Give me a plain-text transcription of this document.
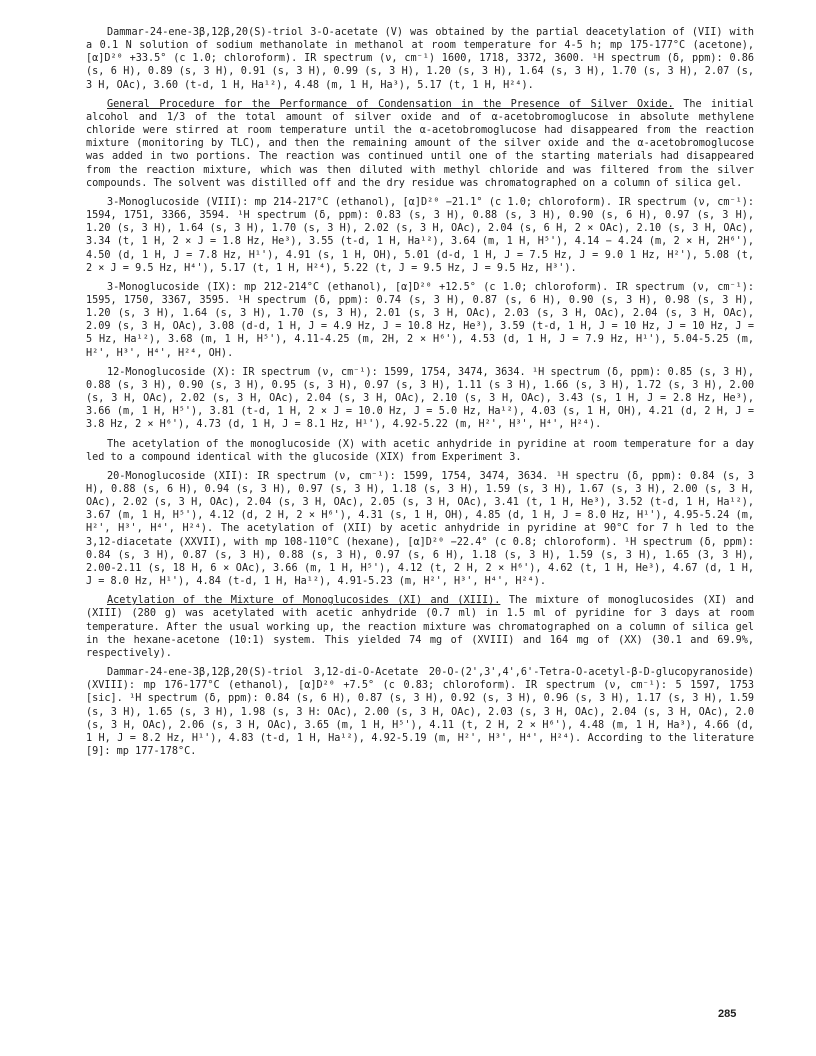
Dammar-24-ene-3β,12β,20(S)-triol 3-O-acetate (V) was obtained by the partial deacetylation of (VII) with a 0.1 N solution of sodium methanolate in methanol at room temperature for 4-5 h; mp 175-177°C (acetone), [α]D²⁰ +33.5° (c 1.0; chloroform). IR spectrum (ν, cm⁻¹) 1600, 1718, 3372, 3600. ¹H spectrum (δ, ppm): 0.86 (s, 6 H), 0.89 (s, 3 H), 0.91 (s, 3 H), 0.99 (s, 3 H), 1.20 (s, 3 H), 1.64 (s, 3 H), 1.70 (s, 3 H), 2.07 (s, 3 H, OAc), 3.60 (t-d, 1 H, Ha¹²), 4.48 (m, 1 H, Ha³), 5.17 (t, 1 H, H²⁴).

General Procedure for the Performance of Condensation in the Presence of Silver Oxide. The initial alcohol and 1/3 of the total amount of silver oxide and of α-acetobromoglucose in absolute methylene chloride were stirred at room temperature until the α-acetobromoglucose had disappeared from the reaction mixture (monitoring by TLC), and then the remaining amount of the silver oxide and the α-acetobromoglucose was added in two portions. The reaction was continued until one of the starting materials had disappeared from the reaction mixture, which was then diluted with methyl chloride and was filtered from the silver compounds. The solvent was distilled off and the dry residue was chromatographed on a column of silica gel.

3-Monoglucoside (VIII): mp 214-217°C (ethanol), [α]D²⁰ −21.1° (c 1.0; chloroform). IR spectrum (ν, cm⁻¹): 1594, 1751, 3366, 3594. ¹H spectrum (δ, ppm): 0.83 (s, 3 H), 0.88 (s, 3 H), 0.90 (s, 6 H), 0.97 (s, 3 H), 1.20 (s, 3 H), 1.64 (s, 3 H), 1.70 (s, 3 H), 2.02 (s, 3 H, OAc), 2.04 (s, 6 H, 2 × OAc), 2.10 (s, 3 H, OAc), 3.34 (t, 1 H, 2 × J = 1.8 Hz, He³), 3.55 (t-d, 1 H, Ha¹²), 3.64 (m, 1 H, H⁵'), 4.14 − 4.24 (m, 2 × H, 2H⁶'), 4.50 (d, 1 H, J = 7.8 Hz, H¹'), 4.91 (s, 1 H, OH), 5.01 (d-d, 1 H, J = 7.5 Hz, J = 9.0 1 Hz, H²'), 5.08 (t, 2 × J = 9.5 Hz, H⁴'), 5.17 (t, 1 H, H²⁴), 5.22 (t, J = 9.5 Hz, J = 9.5 Hz, H³').

3-Monoglucoside (IX): mp 212-214°C (ethanol), [α]D²⁰ +12.5° (c 1.0; chloroform). IR spectrum (ν, cm⁻¹): 1595, 1750, 3367, 3595. ¹H spectrum (δ, ppm): 0.74 (s, 3 H), 0.87 (s, 6 H), 0.90 (s, 3 H), 0.98 (s, 3 H), 1.20 (s, 3 H), 1.64 (s, 3 H), 1.70 (s, 3 H), 2.01 (s, 3 H, OAc), 2.03 (s, 3 H, OAc), 2.04 (s, 3 H, OAc), 2.09 (s, 3 H, OAc), 3.08 (d-d, 1 H, J = 4.9 Hz, J = 10.8 Hz, He³), 3.59 (t-d, 1 H, J = 10 Hz, J = 10 Hz, J = 5 Hz, Ha¹²), 3.68 (m, 1 H, H⁵'), 4.11-4.25 (m, 2H, 2 × H⁶'), 4.53 (d, 1 H, J = 7.9 Hz, H¹'), 5.04-5.25 (m, H²', H³', H⁴', H²⁴, OH).

12-Monoglucoside (X): IR spectrum (ν, cm⁻¹): 1599, 1754, 3474, 3634. ¹H spectrum (δ, ppm): 0.85 (s, 3 H), 0.88 (s, 3 H), 0.90 (s, 3 H), 0.95 (s, 3 H), 0.97 (s, 3 H), 1.11 (s 3 H), 1.66 (s, 3 H), 1.72 (s, 3 H), 2.00 (s, 3 H, OAc), 2.02 (s, 3 H, OAc), 2.04 (s, 3 H, OAc), 2.10 (s, 3 H, OAc), 3.43 (s, 1 H, J = 2.8 Hz, He³), 3.66 (m, 1 H, H⁵'), 3.81 (t-d, 1 H, 2 × J = 10.0 Hz, J = 5.0 Hz, Ha¹²), 4.03 (s, 1 H, OH), 4.21 (d, 2 H, J = 3.8 Hz, 2 × H⁶'), 4.73 (d, 1 H, J = 8.1 Hz, H¹'), 4.92-5.22 (m, H²', H³', H⁴', H²⁴).

The acetylation of the monoglucoside (X) with acetic anhydride in pyridine at room temperature for a day led to a compound identical with the glucoside (XIX) from Experiment 3.

20-Monoglucoside (XII): IR spectrum (ν, cm⁻¹): 1599, 1754, 3474, 3634. ¹H spectru (δ, ppm): 0.84 (s, 3 H), 0.88 (s, 6 H), 0.94 (s, 3 H), 0.97 (s, 3 H), 1.18 (s, 3 H), 1.59 (s, 3 H), 1.67 (s, 3 H), 2.00 (s, 3 H, OAc), 2.02 (s, 3 H, OAc), 2.04 (s, 3 H, OAc), 2.05 (s, 3 H, OAc), 3.41 (t, 1 H, He³), 3.52 (t-d, 1 H, Ha¹²), 3.67 (m, 1 H, H⁵'), 4.12 (d, 2 H, 2 × H⁶'), 4.31 (s, 1 H, OH), 4.85 (d, 1 H, J = 8.0 Hz, H¹'), 4.95-5.24 (m, H²', H³', H⁴', H²⁴). The acetylation of (XII) by acetic anhydride in pyridine at 90°C for 7 h led to the 3,12-diacetate (XXVII), with mp 108-110°C (hexane), [α]D²⁰ −22.4° (c 0.8; chloroform). ¹H spectrum (δ, ppm): 0.84 (s, 3 H), 0.87 (s, 3 H), 0.88 (s, 3 H), 0.97 (s, 6 H), 1.18 (s, 3 H), 1.59 (s, 3 H), 1.65 (3, 3 H), 2.00-2.11 (s, 18 H, 6 × OAc), 3.66 (m, 1 H, H⁵'), 4.12 (t, 2 H, 2 × H⁶'), 4.62 (t, 1 H, He³), 4.67 (d, 1 H, J = 8.0 Hz, H¹'), 4.84 (t-d, 1 H, Ha¹²), 4.91-5.23 (m, H²', H³', H⁴', H²⁴).

Acetylation of the Mixture of Monoglucosides (XI) and (XIII). The mixture of monoglucosides (XI) and (XIII) (280 g) was acetylated with acetic anhydride (0.7 ml) in 1.5 ml of pyridine for 3 days at room temperature. After the usual working up, the reaction mixture was chromatographed on a column of silica gel in the hexane-acetone (10:1) system. This yielded 74 mg of (XVIII) and 164 mg of (XX) (30.1 and 69.9%, respectively).

Dammar-24-ene-3β,12β,20(S)-triol 3,12-di-O-Acetate 20-O-(2',3',4',6'-Tetra-O-acetyl-β-D-glucopyranoside) (XVIII): mp 176-177°C (ethanol), [α]D²⁰ +7.5° (c 0.83; chloroform). IR spectrum (ν, cm⁻¹): 5 1597, 1753 [sic]. ¹H spectrum (δ, ppm): 0.84 (s, 6 H), 0.87 (s, 3 H), 0.92 (s, 3 H), 0.96 (s, 3 H), 1.17 (s, 3 H), 1.59 (s, 3 H), 1.65 (s, 3 H), 1.98 (s, 3 H: OAc), 2.00 (s, 3 H, OAc), 2.03 (s, 3 H, OAc), 2.04 (s, 3 H, OAc), 2.0 (s, 3 H, OAc), 2.06 (s, 3 H, OAc), 3.65 (m, 1 H, H⁵'), 4.11 (t, 2 H, 2 × H⁶'), 4.48 (m, 1 H, Ha³), 4.66 (d, 1 H, J = 8.2 Hz, H¹'), 4.83 (t-d, 1 H, Ha¹²), 4.92-5.19 (m, H²', H³', H⁴', H²⁴). According to the literature [9]: mp 177-178°C.

285
